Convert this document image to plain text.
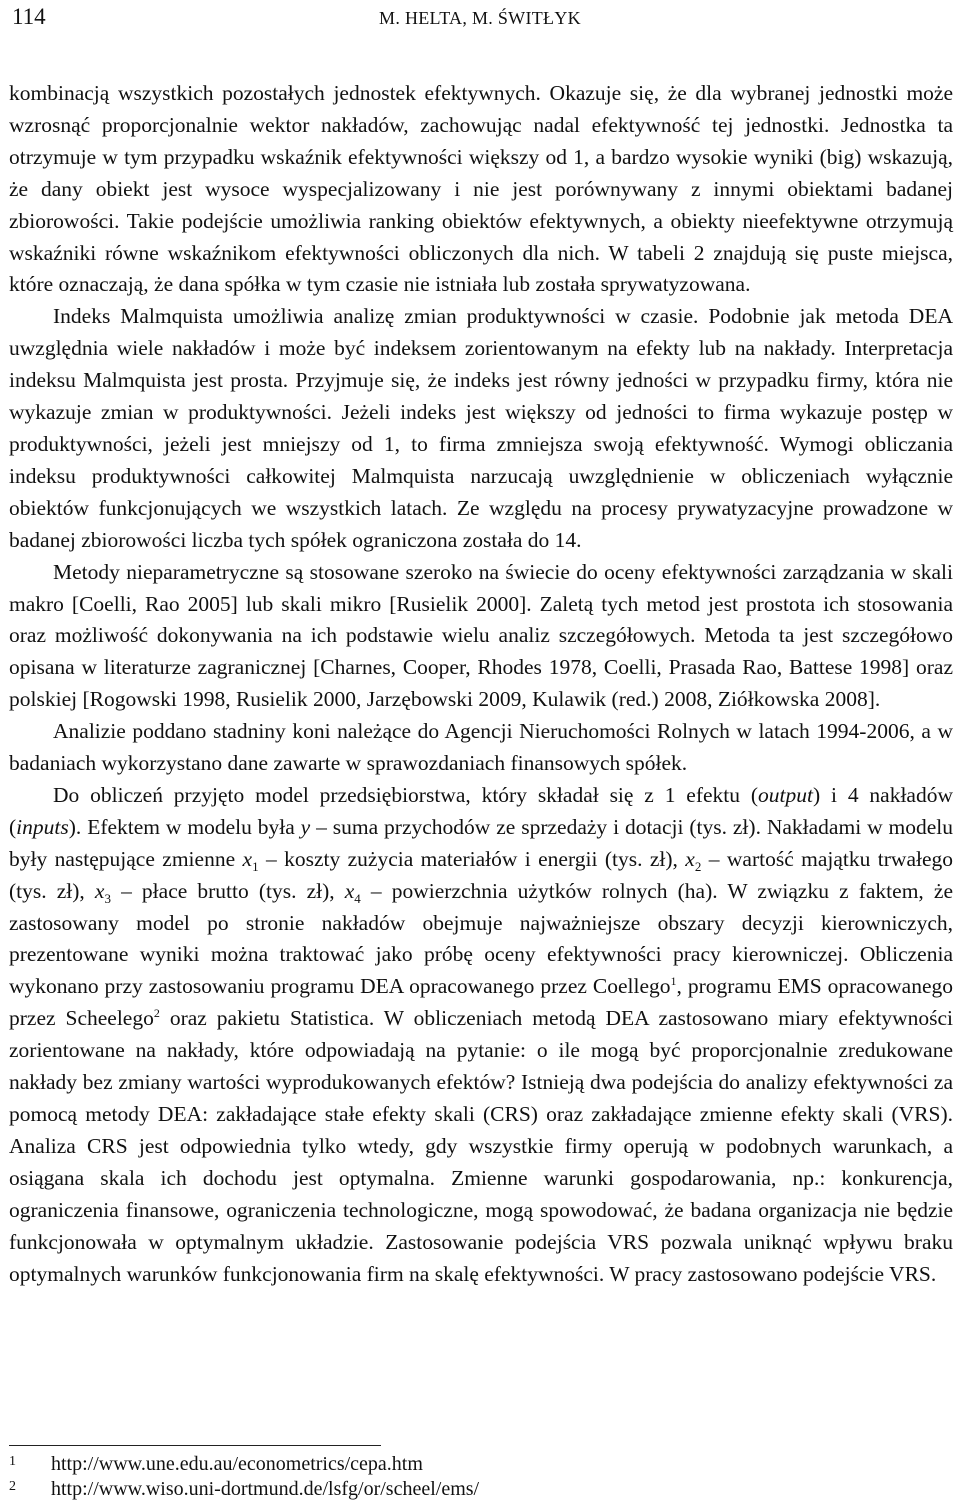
114	M. HELTA, M. ŚWITŁYK

kombinacją wszystkich pozostałych jednostek efektywnych. Okazuje się, że dla wybranej jednostki może wzrosnąć proporcjonalnie wektor nakładów, zachowując nadal efektywność tej jednostki. Jednostka ta otrzymuje w tym przypadku wskaźnik efektywności większy od 1, a bardzo wysokie wyniki (big) wskazują, że dany obiekt jest wysoce wyspecjalizowany i nie jest porównywany z innymi obiektami badanej zbiorowości. Takie podejście umożliwia ranking obiektów efektywnych, a obiekty nieefektywne otrzymują wskaźniki równe wskaźnikom efektywności obliczonych dla nich. W tabeli 2 znajdują się puste miejsca, które oznaczają, że dana spółka w tym czasie nie istniała lub została sprywatyzowana.

Indeks Malmquista umożliwia analizę zmian produktywności w czasie. Podobnie jak metoda DEA uwzględnia wiele nakładów i może być indeksem zorientowanym na efekty lub na nakłady. Interpretacja indeksu Malmquista jest prosta. Przyjmuje się, że indeks jest równy jedności w przypadku firmy, która nie wykazuje zmian w produktywności. Jeżeli indeks jest większy od jedności to firma wykazuje postęp w produktywności, jeżeli jest mniejszy od 1, to firma zmniejsza swoją efektywność. Wymogi obliczania indeksu produktywności całkowitej Malmquista narzucają uwzględnienie w obliczeniach wyłącznie obiektów funkcjonujących we wszystkich latach. Ze względu na procesy prywatyzacyjne prowadzone w badanej zbiorowości liczba tych spółek ograniczona została do 14.

Metody nieparametryczne są stosowane szeroko na świecie do oceny efektywności zarządzania w skali makro [Coelli, Rao 2005] lub skali mikro [Rusielik 2000]. Zaletą tych metod jest prostota ich stosowania oraz możliwość dokonywania na ich podstawie wielu analiz szczegółowych. Metoda ta jest szczegółowo opisana w literaturze zagranicznej [Charnes, Cooper, Rhodes 1978, Coelli, Prasada Rao, Battese 1998] oraz polskiej [Rogowski 1998, Rusielik 2000, Jarzębowski 2009, Kulawik (red.) 2008, Ziółkowska 2008].

Analizie poddano stadniny koni należące do Agencji Nieruchomości Rolnych w latach 1994-2006, a w badaniach wykorzystano dane zawarte w sprawozdaniach finansowych spółek.

Do obliczeń przyjęto model przedsiębiorstwa, który składał się z 1 efektu (output) i 4 nakładów (inputs). Efektem w modelu była y – suma przychodów ze sprzedaży i dotacji (tys. zł). Nakładami w modelu były następujące zmienne $x_1$ – koszty zużycia materiałów i energii (tys. zł), $x_2$ – wartość majątku trwałego (tys. zł), $x_3$ – płace brutto (tys. zł), $x_4$ – powierzchnia użytków rolnych (ha). W związku z faktem, że zastosowany model po stronie nakładów obejmuje najważniejsze obszary decyzji kierowniczych, prezentowane wyniki można traktować jako próbę oceny efektywności pracy kierowniczej. Obliczenia wykonano przy zastosowaniu programu DEA opracowanego przez Coellego$^1$, programu EMS opracowanego przez Scheelego$^2$ oraz pakietu Statistica. W obliczeniach metodą DEA zastosowano miary efektywności zorientowane na nakłady, które odpowiadają na pytanie: o ile mogą być proporcjonalnie zredukowane nakłady bez zmiany wartości wyprodukowanych efektów? Istnieją dwa podejścia do analizy efektywności za pomocą metody DEA: zakładające stałe efekty skali (CRS) oraz zakładające zmienne efekty skali (VRS). Analiza CRS jest odpowiednia tylko wtedy, gdy wszystkie firmy operują w podobnych warunkach, a osiągana skala ich dochodu jest optymalna. Zmienne warunki gospodarowania, np.: konkurencja, ograniczenia finansowe, ograniczenia technologiczne, mogą spowodować, że badana organizacja nie będzie funkcjonowała w optymalnym układzie. Zastosowanie podejścia VRS pozwala uniknąć wpływu braku optymalnych warunków funkcjonowania firm na skalę efektywności. W pracy zastosowano podejście VRS.

1	http://www.une.edu.au/econometrics/cepa.htm
2	http://www.wiso.uni-dortmund.de/lsfg/or/scheel/ems/
